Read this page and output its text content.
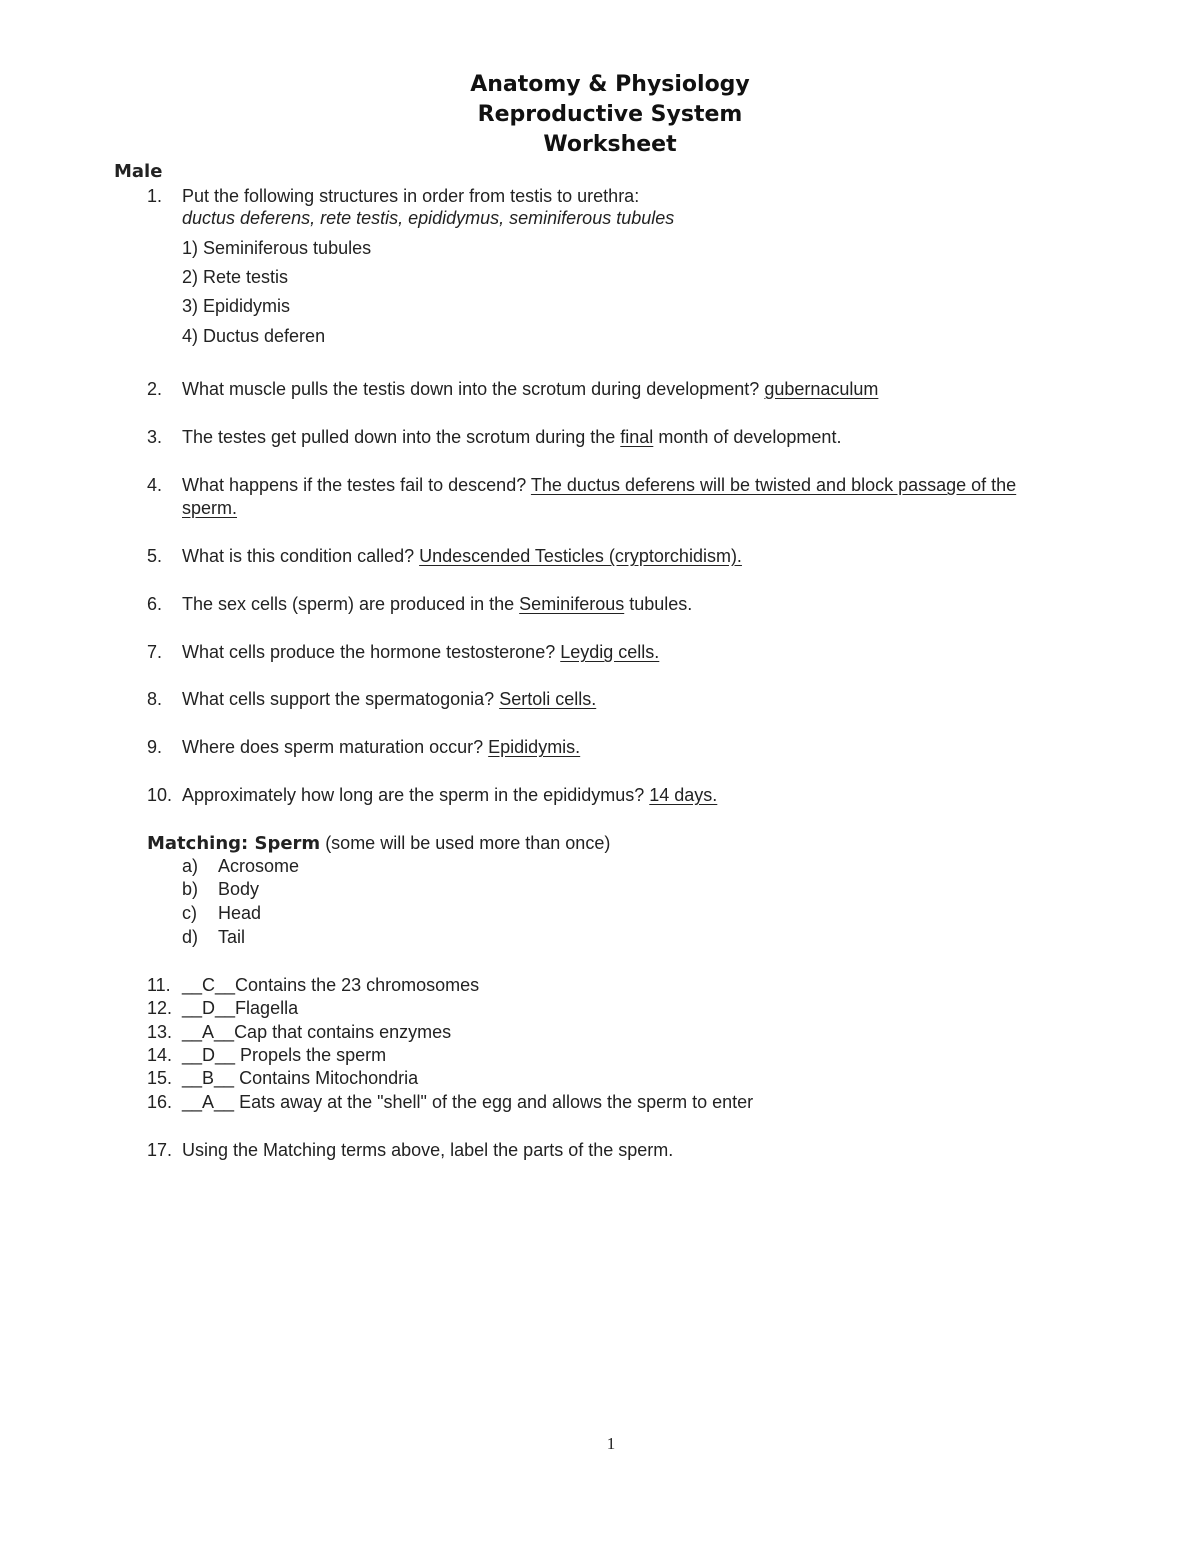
Anatomy & Physiology
Reproductive System
Worksheet
Male
1. Put the following structures in order from testis to urethra:
ductus deferens, rete testis, epididymus, seminiferous tubules
1) Seminiferous tubules
2) Rete testis
3) Epididymis
4) Ductus deferen
2. What muscle pulls the testis down into the scrotum during development? gubernaculum
3. The testes get pulled down into the scrotum during the final month of development.
4. What happens if the testes fail to descend? The ductus deferens will be twisted and block passage of the
sperm.
5. What is this condition called? Undescended Testicles (cryptorchidism).
6. The sex cells (sperm) are produced in the Seminiferous tubules.
7. What cells produce the hormone testosterone? Leydig cells.
8. What cells support the spermatogonia? Sertoli cells.
9. Where does sperm maturation occur? Epididymis.
10. Approximately how long are the sperm in the epididymus? 14 days.
Matching: Sperm (some will be used more than once)
a) Acrosome
b) Body
c) Head
d) Tail
11. __C__Contains the 23 chromosomes
12. __D__Flagella
13. __A__Cap that contains enzymes
14. __D__ Propels the sperm
15. __B__ Contains Mitochondria
16. __A__ Eats away at the "shell" of the egg and allows the sperm to enter
17. Using the Matching terms above, label the parts of the sperm.
1
